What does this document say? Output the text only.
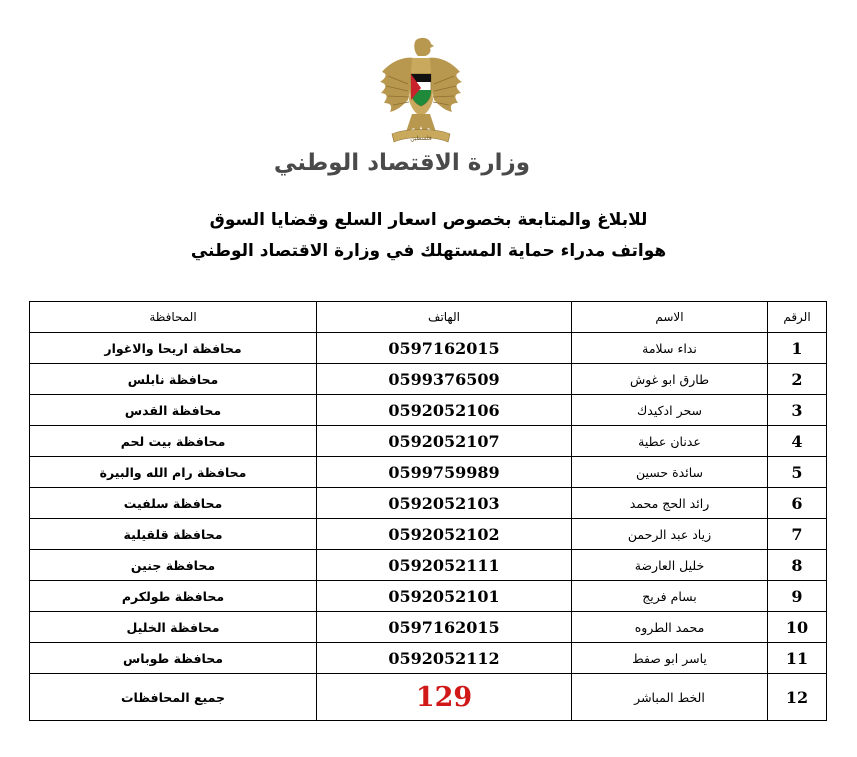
فلسطين
وزارة الاقتصاد الوطني
للابلاغ والمتابعة بخصوص اسعار السلع وقضايا السوق
هواتف مدراء حماية المستهلك في وزارة الاقتصاد الوطني
الرقم	الاسم	الهاتف	المحافظة
1	نداء سلامة	0597162015	محافظة اريحا والاغوار
2	طارق ابو غوش	0599376509	محافظة نابلس
3	سحر ادكيدك	0592052106	محافظة القدس
4	عدنان عطية	0592052107	محافظة بيت لحم
5	سائدة حسين	0599759989	محافظة رام الله والبيرة
6	رائد الحج محمد	0592052103	محافظة سلفيت
7	زياد عبد الرحمن	0592052102	محافظة قلقيلية
8	خليل العارضة	0592052111	محافظة جنين
9	بسام فريج	0592052101	محافظة طولكرم
10	محمد الطروه	0597162015	محافظة الخليل
11	ياسر ابو صفط	0592052112	محافظة طوباس
12	الخط المباشر	129	جميع المحافظات
